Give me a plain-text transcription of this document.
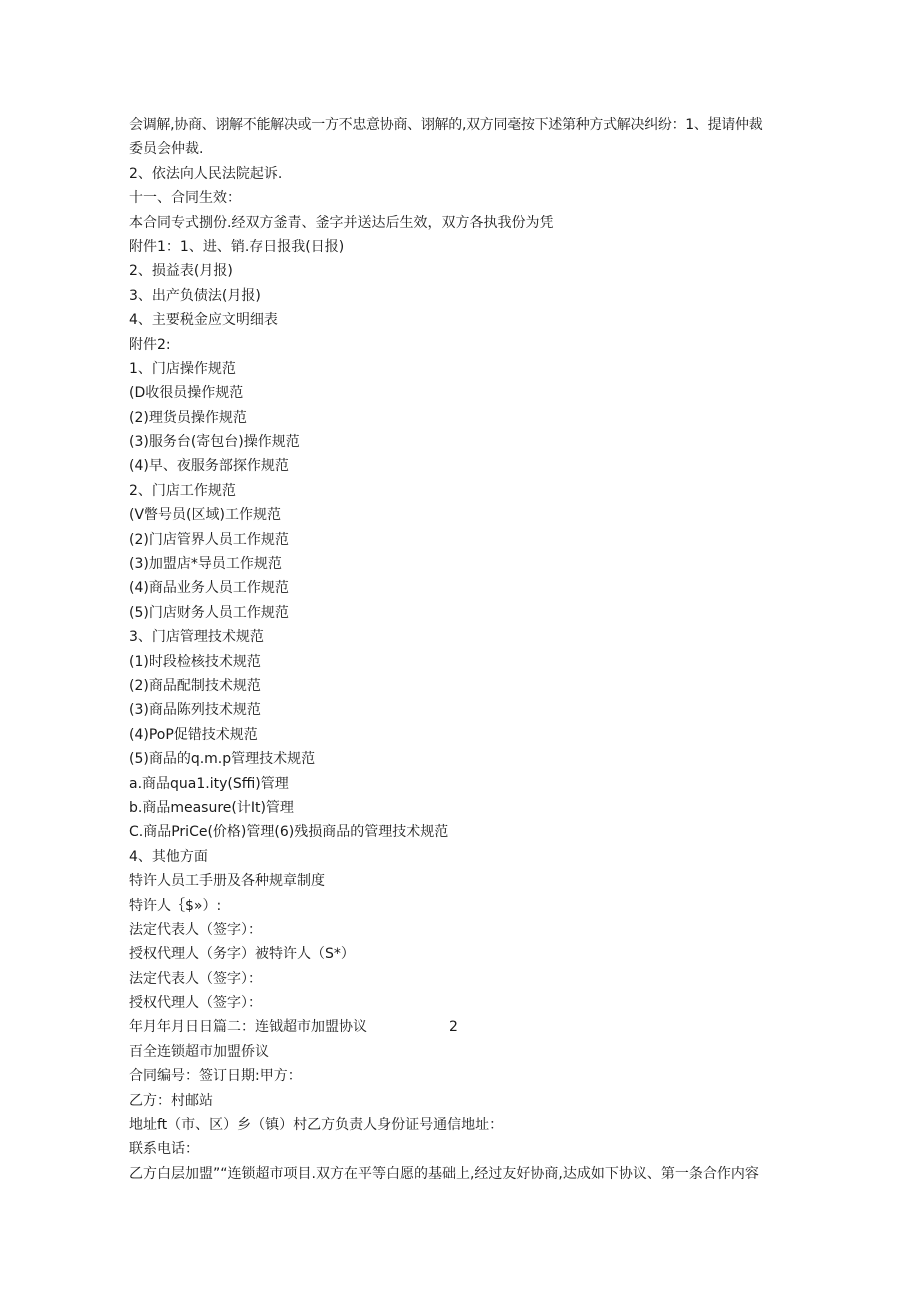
会调解,协商、诩解不能解决或一方不忠意协商、诩解的,双方同毫按下述第种方式解决纠纷：1、提请仲裁
委员会仲裁.
2、依法向人民法院起诉.
十一、合同生效：
本合同专式捌份.经双方釜青、釜字并送达后生效，双方各执我份为凭
附件1：1、进、销.存日报我(日报)
2、损益表(月报)
3、出产负债法(月报)
4、主要税金应文明细表
附件2:
1、门店操作规范
(D收很员操作规范
(2)理货员操作规范
(3)服务台(寄包台)操作规范
(4)早、夜服务部探作规范
2、门店工作规范
(V瞥号员(区域)工作规范
(2)门店管界人员工作规范
(3)加盟店*导员工作规范
(4)商品业务人员工作规范
(5)门店财务人员工作规范
3、门店管理技术规范
(1)时段检核技术规范
(2)商品配制技术规范
(3)商品陈列技术规范
(4)PoP促错技术规范
(5)商品的q.m.p管理技术规范
a.商品qua1.ity(Sffi)管理
b.商品measure(计It)管理
C.商品PriCe(价格)管理(6)残损商品的管理技术规范
4、其他方面
特许人员工手册及各种规章制度
特许人｛$»）:
法定代表人（签字）：
授权代理人（务字）被特许人（S*）
法定代表人（签字）：
授权代理人（签字）：
年月年月日日篇二：连钺超市加盟协议	2
百全连锁超市加盟侨议
合同编号：签订日期:甲方：
乙方：村邮站
地址ft（市、区）乡（镇）村乙方负责人身份证号通信地址：
联系电话：
乙方白层加盟”“连锁超市项目.双方在平等白愿的基础上,经过友好协商,达成如下协议、第一条合作内容
